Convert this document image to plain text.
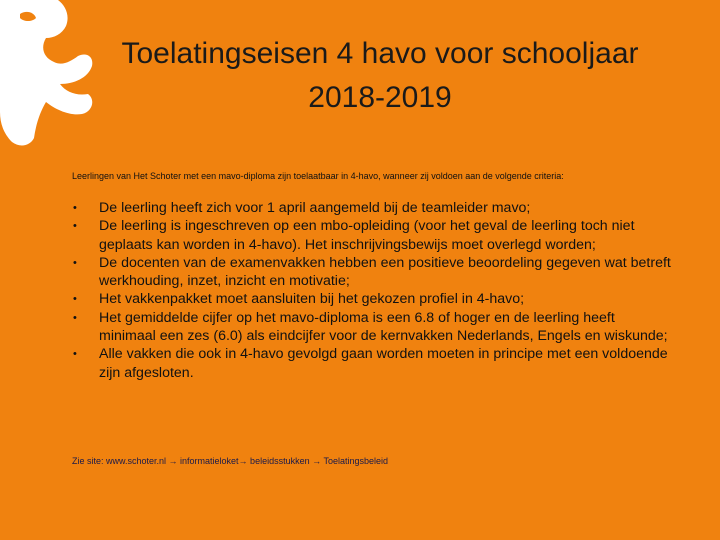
Toelatingseisen 4 havo voor schooljaar
2018-2019

Leerlingen van Het Schoter met een mavo-diploma zijn toelaatbaar in 4-havo, wanneer zij voldoen aan de volgende criteria:

• De leerling heeft zich voor 1 april aangemeld bij de teamleider mavo;
• De leerling is ingeschreven op een mbo-opleiding (voor het geval de leerling toch niet geplaats kan worden in 4-havo). Het inschrijvingsbewijs moet overlegd worden;
• De docenten van de examenvakken hebben een positieve beoordeling gegeven wat betreft werkhouding, inzet, inzicht en motivatie;
• Het vakkenpakket moet aansluiten bij het gekozen profiel in 4-havo;
• Het gemiddelde cijfer op het mavo-diploma is een 6.8 of hoger en de leerling heeft minimaal een zes (6.0) als eindcijfer voor de kernvakken Nederlands, Engels en wiskunde;
• Alle vakken die ook in 4-havo gevolgd gaan worden moeten in principe met een voldoende zijn afgesloten.

Zie site: www.schoter.nl → informatieloket→ beleidsstukken → Toelatingsbeleid
